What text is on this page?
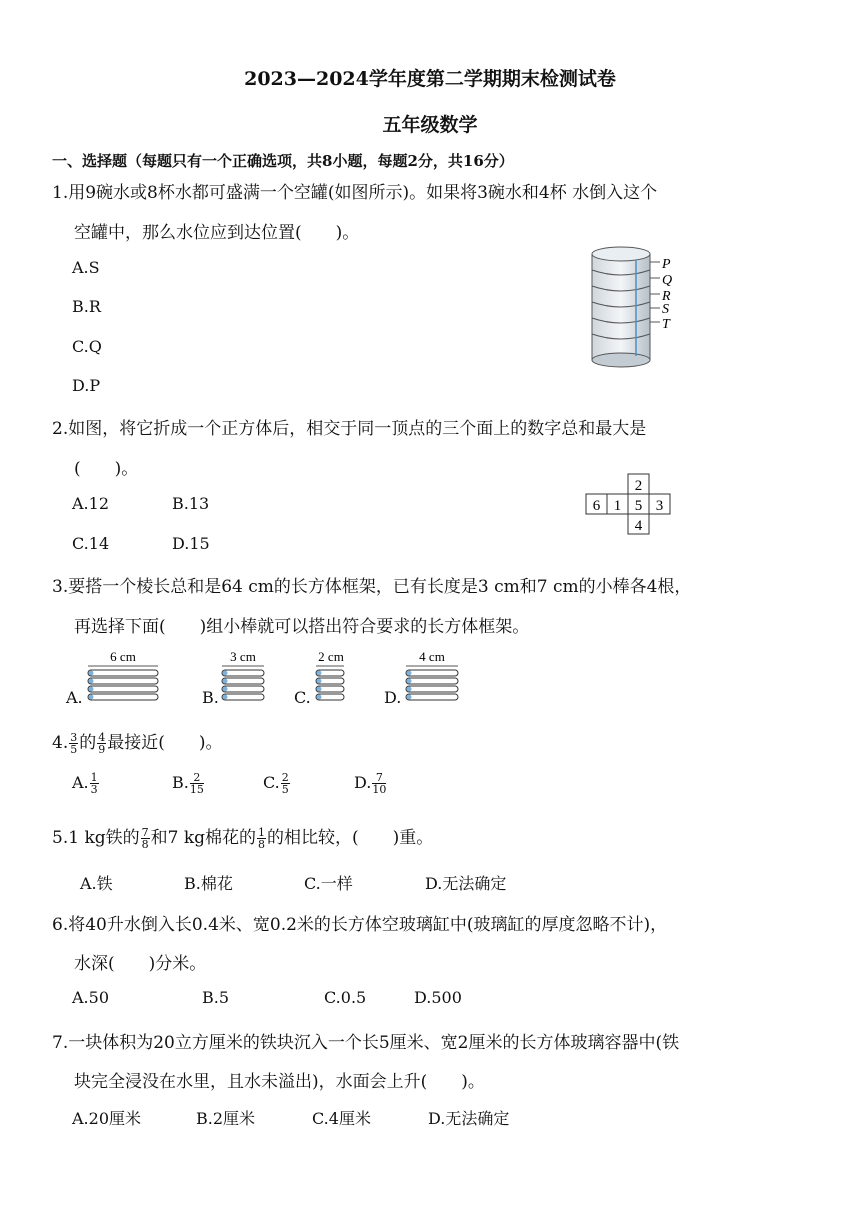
2023—2024学年度第二学期期末检测试卷
五年级数学
一、选择题（每题只有一个正确选项，共8小题，每题2分，共16分）
1.用9碗水或8杯水都可盛满一个空罐(如图所示)。如果将3碗水和4杯 水倒入这个
空罐中，那么水位应到达位置(　　)。
A.S
B.R
C.Q
D.P
P
Q
R
S
T
2.如图，将它折成一个正方体后，相交于同一顶点的三个面上的数字总和最大是
(　　)。
A.12	B.13
C.14	D.15
2
6 1 5 3
4
3.要搭一个棱长总和是64 cm的长方体框架，已有长度是3 cm和7 cm的小棒各4根，
再选择下面(　　)组小棒就可以搭出符合要求的长方体框架。
A.
6 cm
B.
3 cm
C.
2 cm
D.
4 cm
4. $\frac{3}{5}$ 的 $\frac{4}{9}$ 最接近(　　)。
A. $\frac{1}{3}$	B. $\frac{2}{15}$	C. $\frac{2}{5}$	D. $\frac{7}{10}$
5.1 kg铁的 $\frac{7}{8}$ 和7 kg棉花的 $\frac{1}{8}$ 的相比较，(　　)重。
A.铁	B.棉花	C.一样	D.无法确定
6.将40升水倒入长0.4米、宽0.2米的长方体空玻璃缸中(玻璃缸的厚度忽略不计)，
水深(　　)分米。
A.50	B.5	C.0.5	D.500
7.一块体积为20立方厘米的铁块沉入一个长5厘米、宽2厘米的长方体玻璃容器中(铁
块完全浸没在水里，且水未溢出)，水面会上升(　　)。
A.20厘米	B.2厘米	C.4厘米	D.无法确定
